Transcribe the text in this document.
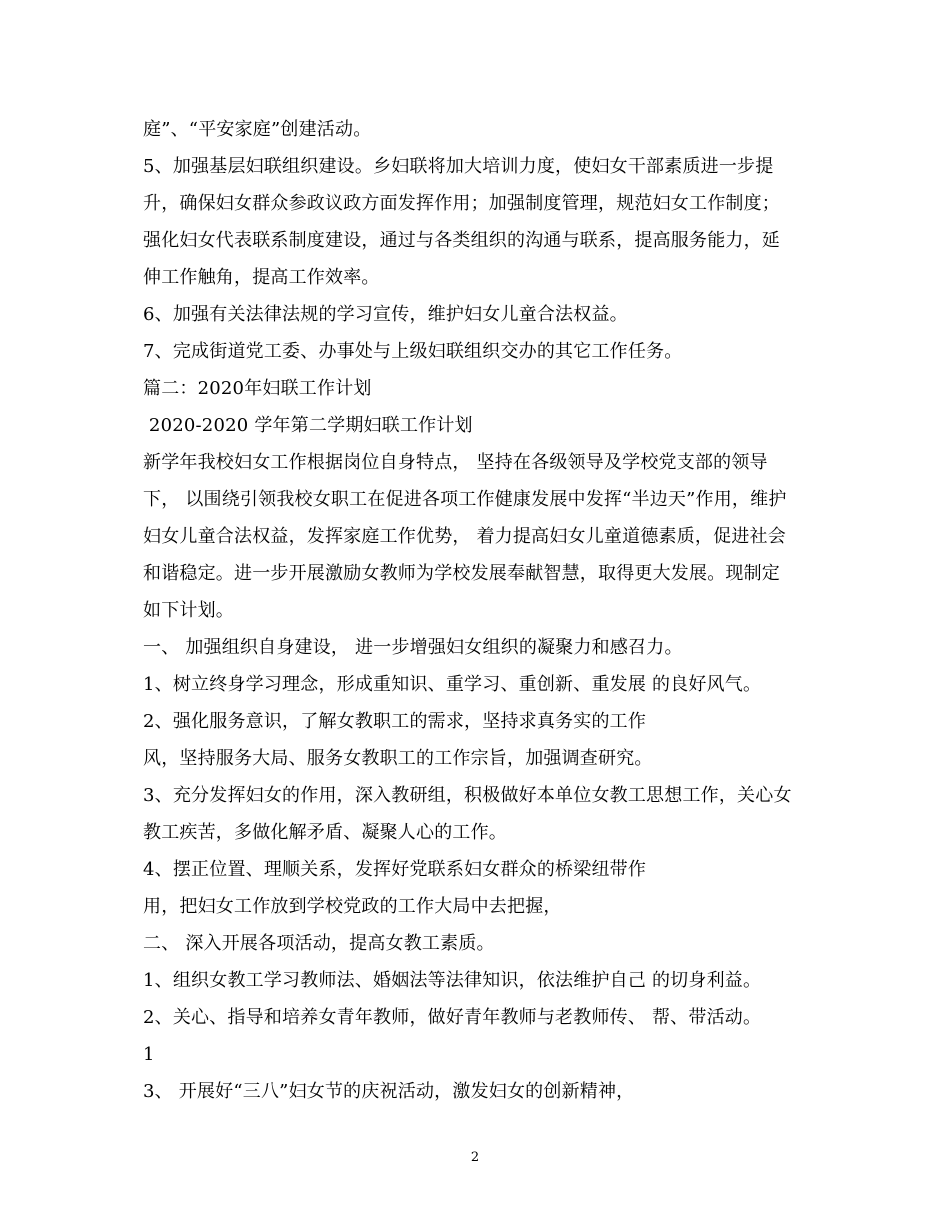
庭”、“平安家庭”创建活动。
5、加强基层妇联组织建设。乡妇联将加大培训力度，使妇女干部素质进一步提
升，确保妇女群众参政议政方面发挥作用；加强制度管理，规范妇女工作制度；
强化妇女代表联系制度建设，通过与各类组织的沟通与联系，提高服务能力，延
伸工作触角，提高工作效率。
6、加强有关法律法规的学习宣传，维护妇女儿童合法权益。
7、完成街道党工委、办事处与上级妇联组织交办的其它工作任务。
篇二：2020年妇联工作计划
2020-2020 学年第二学期妇联工作计划
新学年我校妇女工作根据岗位自身特点， 坚持在各级领导及学校党支部的领导
下， 以围绕引领我校女职工在促进各项工作健康发展中发挥“半边天”作用，维护
妇女儿童合法权益，发挥家庭工作优势， 着力提高妇女儿童道德素质，促进社会
和谐稳定。进一步开展激励女教师为学校发展奉献智慧，取得更大发展。现制定
如下计划。
一、 加强组织自身建设， 进一步增强妇女组织的凝聚力和感召力。
1、树立终身学习理念，形成重知识、重学习、重创新、重发展 的良好风气。
2、强化服务意识，了解女教职工的需求，坚持求真务实的工作
风，坚持服务大局、服务女教职工的工作宗旨，加强调查研究。
3、充分发挥妇女的作用，深入教研组，积极做好本单位女教工思想工作，关心女
教工疾苦，多做化解矛盾、凝聚人心的工作。
4、摆正位置、理顺关系，发挥好党联系妇女群众的桥梁纽带作
用，把妇女工作放到学校党政的工作大局中去把握，
二、 深入开展各项活动，提高女教工素质。
1、组织女教工学习教师法、婚姻法等法律知识，依法维护自己 的切身利益。
2、关心、指导和培养女青年教师，做好青年教师与老教师传、 帮、带活动。
1
3、 开展好“三八”妇女节的庆祝活动，激发妇女的创新精神，
2
